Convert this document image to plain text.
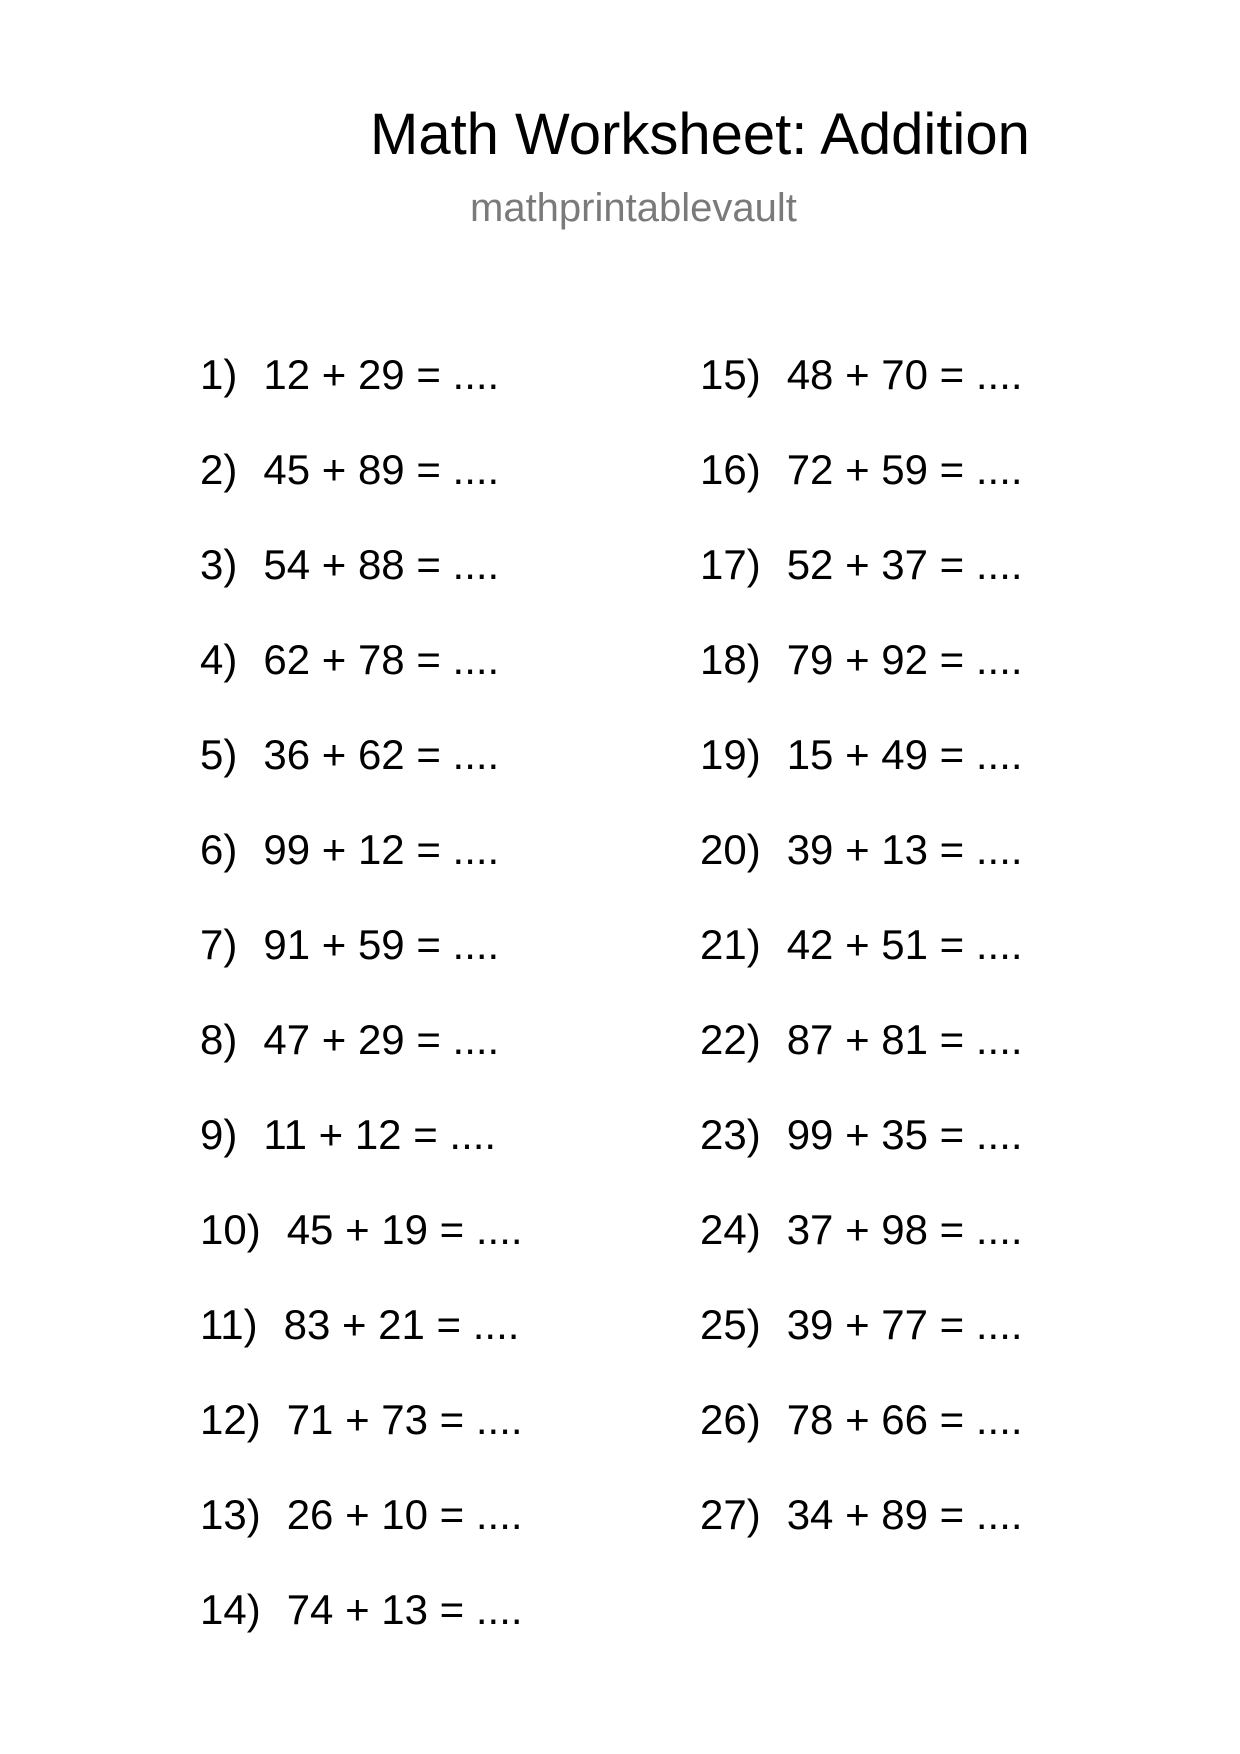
Math Worksheet: Addition
mathprintablevault
1) 12 + 29 = ....
2) 45 + 89 = ....
3) 54 + 88 = ....
4) 62 + 78 = ....
5) 36 + 62 = ....
6) 99 + 12 = ....
7) 91 + 59 = ....
8) 47 + 29 = ....
9) 11 + 12 = ....
10) 45 + 19 = ....
11) 83 + 21 = ....
12) 71 + 73 = ....
13) 26 + 10 = ....
14) 74 + 13 = ....
15) 48 + 70 = ....
16) 72 + 59 = ....
17) 52 + 37 = ....
18) 79 + 92 = ....
19) 15 + 49 = ....
20) 39 + 13 = ....
21) 42 + 51 = ....
22) 87 + 81 = ....
23) 99 + 35 = ....
24) 37 + 98 = ....
25) 39 + 77 = ....
26) 78 + 66 = ....
27) 34 + 89 = ....
